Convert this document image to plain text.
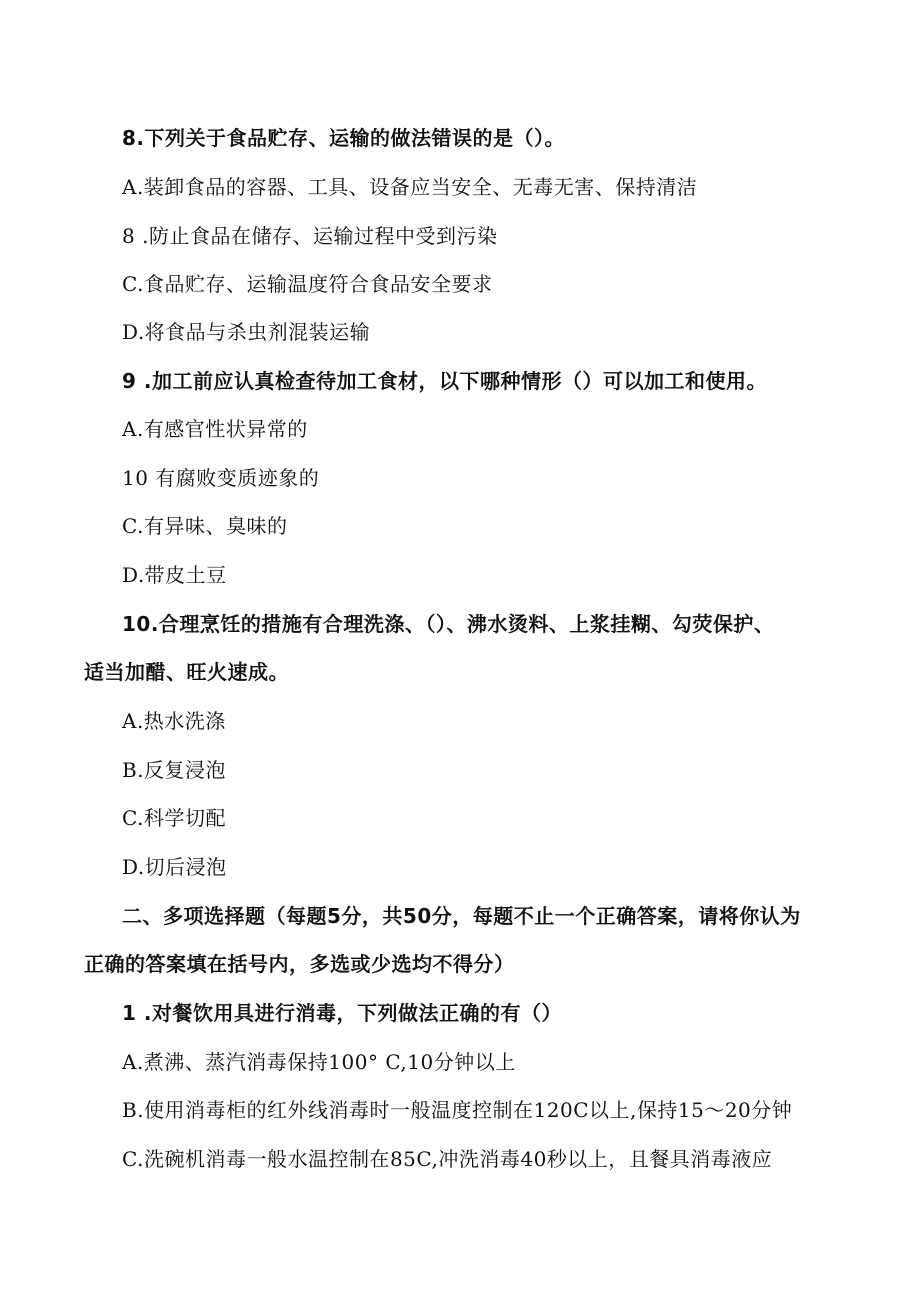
8.下列关于食品贮存、运输的做法错误的是（）。
A.装卸食品的容器、工具、设备应当安全、无毒无害、保持清洁
8 .防止食品在储存、运输过程中受到污染
C.食品贮存、运输温度符合食品安全要求
D.将食品与杀虫剂混装运输
9 .加工前应认真检查待加工食材，以下哪种情形（）可以加工和使用。
A.有感官性状异常的
10 有腐败变质迹象的
C.有异味、臭味的
D.带皮土豆
10.合理烹饪的措施有合理洗涤、（）、沸水烫料、上浆挂糊、勾荧保护、
适当加醋、旺火速成。
A.热水洗涤
B.反复浸泡
C.科学切配
D.切后浸泡
二、多项选择题（每题5分，共50分，每题不止一个正确答案，请将你认为
正确的答案填在括号内，多选或少选均不得分）
1 .对餐饮用具进行消毒，下列做法正确的有（）
A.煮沸、蒸汽消毒保持100° C,10分钟以上
B.使用消毒柜的红外线消毒时一般温度控制在120C以上,保持15～20分钟
C.洗碗机消毒一般水温控制在85C,冲洗消毒40秒以上，且餐具消毒液应
